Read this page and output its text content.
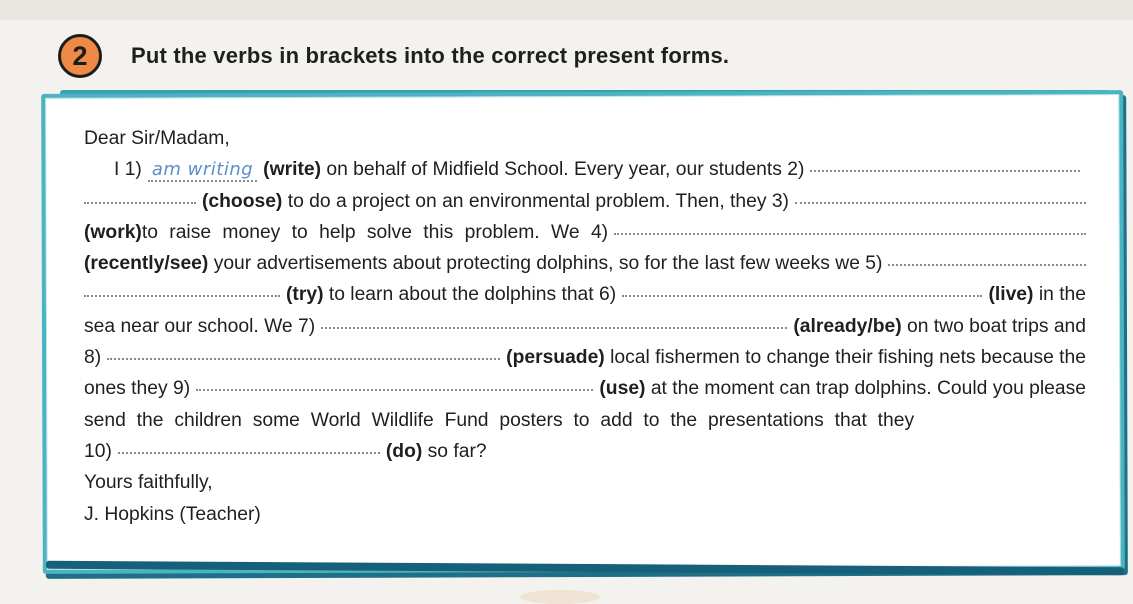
2 Put the verbs in brackets into the correct present forms.
Dear Sir/Madam,
I 1) am writing (write)
on behalf of Midfield School. Every year, our students 2)
(choose)
to do a project on an environmental problem. Then, they 3)
(work) to raise money to help solve this problem. We 4)
(recently/see)
your advertisements about protecting dolphins, so for the last few weeks we 5)
(try)
to learn about the dolphins that 6)	(live)
in the
sea near our school. We 7)	(already/be)
on two boat trips and
8)	(persuade)
local fishermen to change their fishing nets because the
ones they 9)	(use)
at the moment can trap dolphins. Could you please
send the children some World Wildlife Fund posters to add to the presentations that they
10)	(do)
so far?
Yours faithfully,
J. Hopkins (Teacher)
